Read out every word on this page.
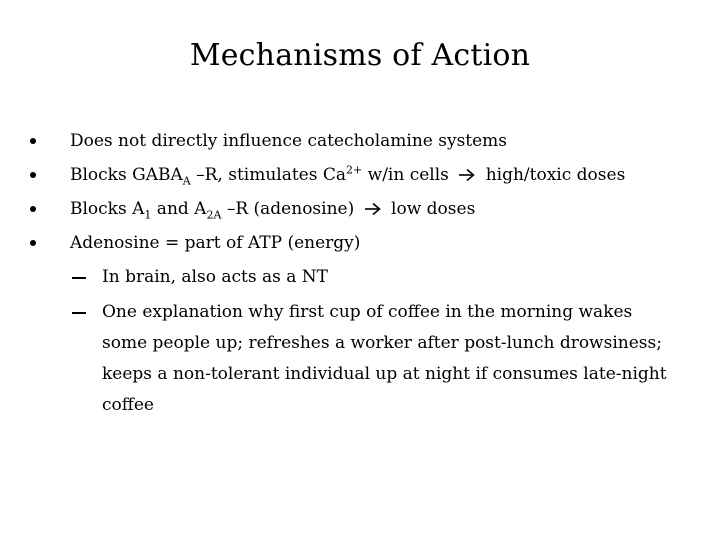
Mechanisms of Action
Does not directly influence catecholamine systems
Blocks $GABA_A$ –R, stimulates $Ca^{2+}$ w/in cells  high/toxic doses
Blocks $A_1$ and $A_{2A}$ –R (adenosine)  low doses
Adenosine = part of ATP (energy)
In brain, also acts as a NT
One explanation why first cup of coffee in the morning wakes some people up; refreshes a worker after post-lunch drowsiness; keeps a non-tolerant individual up at night if consumes late-night coffee
